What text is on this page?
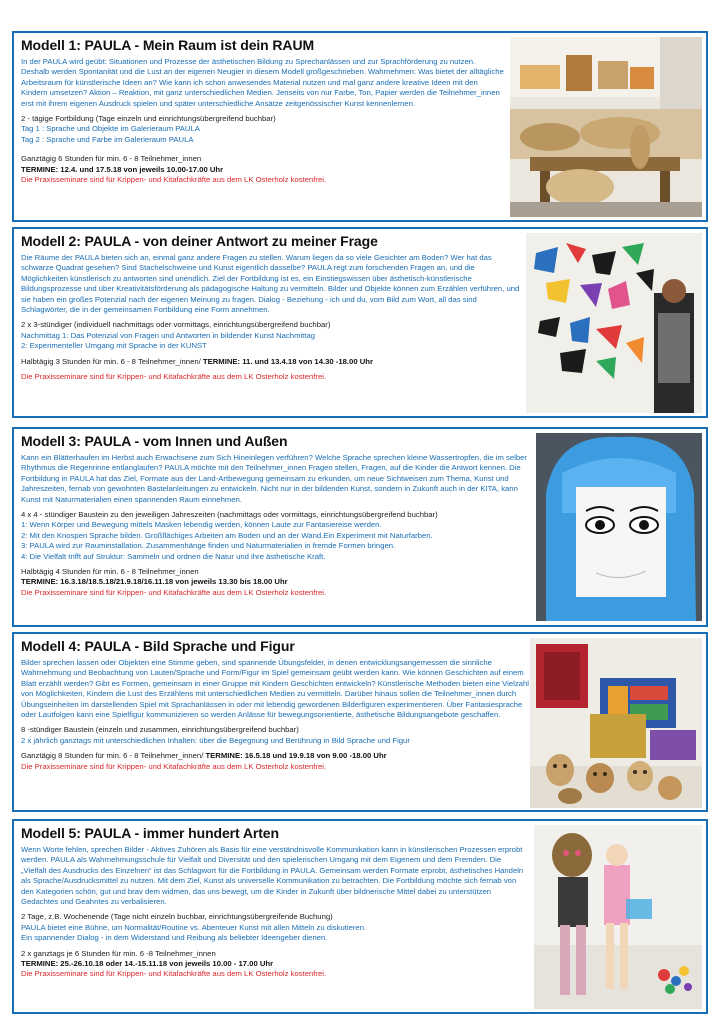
Modell 1: PAULA - Mein Raum ist dein RAUM

In der PAULA wird geübt: Situationen und Prozesse der ästhetischen Bildung zu Sprechanlässen und zur Sprachförderung zu nutzen. Deshalb werden Spontanität und die Lust an der eigenen Neugier in diesem Modell großgeschrieben. Wahrnehmen: Was bietet der alltägliche Arbeitsraum für künstlerische Ideen an? Wie kann ich schon anwesendes Material nutzen und mal ganz andere kreative Ideen mit den Kindern umsetzen? Aktion – Reaktion, mit ganz unterschiedlichen Medien. Jenseits von nur Farbe, Ton, Papier werden die Teilnehmer_innen erst mit ihrem eigenen Ausdruck spielen und später unterschiedliche Ansätze zeitgenössischer Kunst kennenlernen.

2 - tägige Fortbildung (Tage einzeln und einrichtungsübergreifend buchbar)

Tag 1 : Sprache und Objekte im Galerieraum PAULA

Tag 2 : Sprache und Farbe im Galerieraum PAULA

Ganztägig 6 Stunden für min. 6 - 8 Teilnehmer_innen

TERMINE: 12.4. und 17.5.18 von jeweils 10.00-17.00 Uhr

Die Praxisseminare sind für Krippen- und Kitafachkräfte aus dem LK Osterholz kostenfrei.

Modell 2: PAULA - von deiner Antwort zu meiner Frage

Die Räume der PAULA bieten sich an, einmal ganz andere Fragen zu stellen. Warum liegen da so viele Gesichter am Boden? Wer hat das schwarze Quadrat gesehen? Sind Stachelschweine und Kunst eigentlich dasselbe? PAULA regt zum forschenden Fragen an, und die Möglichkeiten künstlerisch zu antworten sind unendlich. Ziel der Fortbildung ist es, ein Einstiegswissen über ästhetisch-künstlerische Bildungsprozesse und über Kreativitätsförderung als pädagogische Haltung zu vermitteln. Bilder und Objekte können zum Erzählen verführen, und sie haben ein großes Potenzial nach der eigenen Meinung zu fragen. Dialog - Beziehung - ich und du, vom Bild zum Wort, all das sind Schlagwörter, die in der gemeinsamen Fortbildung eine Form annehmen.

2 x 3-stündiger (individuell nachmittags oder vormittags, einrichtungsübergreifend buchbar)

Nachmittag 1: Das Potenzial von Fragen und Antworten in bildender Kunst Nachmittag

2: Experimenteller Umgang mit Sprache in der KUNST

Halbtägig 3 Stunden für min. 6 - 8 Teilnehmer_innen/ TERMINE: 11. und 13.4.18 von 14.30 -18.00 Uhr

Die Praxisseminare sind für Krippen- und Kitafachkräfte aus dem LK Osterholz kostenfrei.

Modell 3: PAULA - vom Innen und Außen

Kann ein Blätterhaufen im Herbst auch Erwachsene zum Sich Hineinlegen verführen? Welche Sprache sprechen kleine Wassertropfen, die im selber Rhythmus die Regenrinne entlanglaufen? PAULA möchte mit den Teilnehmer_innen Fragen stellen, Fragen, auf die Kinder die Antwort kennen. Die Fortbildung in PAULA hat das Ziel, Formate aus der Land-Artbewegung gemeinsam zu erkunden, um neue Sichtweisen zum Thema, Kunst und Jahreszeiten, fernab von gewohnten Bastelanleitungen zu entwickeln. Nicht nur in der bildenden Kunst, sondern in Zukunft auch in der KITA, kann Kunst mit Naturmaterialien einen spannenden Raum einnehmen.

4 x 4 - stündiger Baustein zu den jeweiligen Jahreszeiten (nachmittags oder vormittags, einrichtungsübergreifend buchbar)

1: Wenn Körper und Bewegung mittels Masken lebendig werden, können Laute zur Fantasiereise werden.

2: Mit den Knospen Sprache bilden. Großflächiges Arbeiten am Boden und an der Wand.Ein Experiment mit Naturfarben.

3: PAULA wird zur Rauminstallation. Zusammenhänge finden und Naturmaterialien in fremde Formen bringen.

4: Die Vielfalt trifft auf Struktur: Sammeln und ordnen die Natur und ihre ästhetische Kraft.

Halbtägig 4 Stunden für min. 6 - 8 Teilnehmer_innen

TERMINE: 16.3.18/18.5.18/21.9.18/16.11.18 von jeweils 13.30 bis 18.00 Uhr

Die Praxisseminare sind für Krippen- und Kitafachkräfte aus dem LK Osterholz kostenfrei.

Modell 4: PAULA - Bild Sprache und Figur

Bilder sprechen lassen oder Objekten eine Stimme geben, sind spannende Übungsfelder, in denen entwicklungsangemessen die sinnliche Wahrnehmung und Beobachtung von Lauten/Sprache und Form/Figur im Spiel gemeinsam geübt werden kann. Wie können Geschichten auf einem Blatt erzählt werden? Gibt es Formen, gemeinsam in einer Gruppe mit Kindern Geschichten entwickeln? Künstlerische Methoden bieten eine Vielzahl von Möglichkeiten, Kindern die Lust des Erzählens mit unterschiedlichen Medien zu vermitteln. Darüber hinaus sollen die Teilnehmer_innen durch Übungseinheiten im darstellenden Spiel mit Sprachanlässen in oder mit lebendig gewordenen Bilderfiguren experimentieren. Über Fantasiesprache oder Lautfolgen kann eine Spielfigur kommunizieren so werden Anlässe für bewegungsorientierte, ästhetische Bildungsangebote geschaffen.

8 -stündiger Baustein (einzeln und zusammen, einrichtungsübergreifend buchbar)

2 x jährlich ganztags mit unterschiedlichen Inhalten: über die Begegnung und Berührung in Bild Sprache und Figur

Ganztägig 8 Stunden für min. 6 - 8 Teilnehmer_innen/ TERMINE: 16.5.18 und 19.9.18 von 9.00 -18.00 Uhr

Die Praxisseminare sind für Krippen- und Kitafachkräfte aus dem LK Osterholz kostenfrei.

Modell 5: PAULA - immer hundert Arten

Wenn Worte fehlen, sprechen Bilder - Aktives Zuhören als Basis für eine verständnisvolle Kommunikation kann in künstlerischen Prozessen erprobt werden. PAULA als Wahrnehmungsschule für Vielfalt und Diversität und den spielerischen Umgang mit dem Eigenem und dem Fremden. Die „Vielfalt des Ausdrucks des Einzelnen“ ist das Schlagwort für die Fortbildung in PAULA. Gemeinsam werden Formate erprobt, ästhetisches Handeln als Sprache/Ausdrucksmittel zu nutzen. Mit dem Ziel, Kunst als universelle Kommunikation zu betrachten. Die Fortbildung möchte sich fernab von den Kategorien schön, gut und brav dem widmen, das uns bewegt, um die Kinder in Zukunft über bildnerische Mittel dabei zu unterstützen Gedachtes und Geahntes zu verbalisieren.

2 Tage, z.B. Wochenende (Tage nicht einzeln buchbar, einrichtungsübergreifende Buchung)

PAULA bietet eine Bühne, um Normalität/Routine vs. Abenteuer Kunst mit allen Mitteln zu diskutieren.

Ein spannender Dialog - in dem Widerstand und Reibung als beliebter Ideengeber dienen.

2 x ganztags je 6 Stunden für min. 6 -8 Teilnehmer_innen

TERMINE: 25.-26.10.18 oder 14.-15.11.18 von jeweils 10.00 - 17.00 Uhr

Die Praxisseminare sind für Krippen- und Kitafachkräfte aus dem LK Osterholz kostenfrei.
